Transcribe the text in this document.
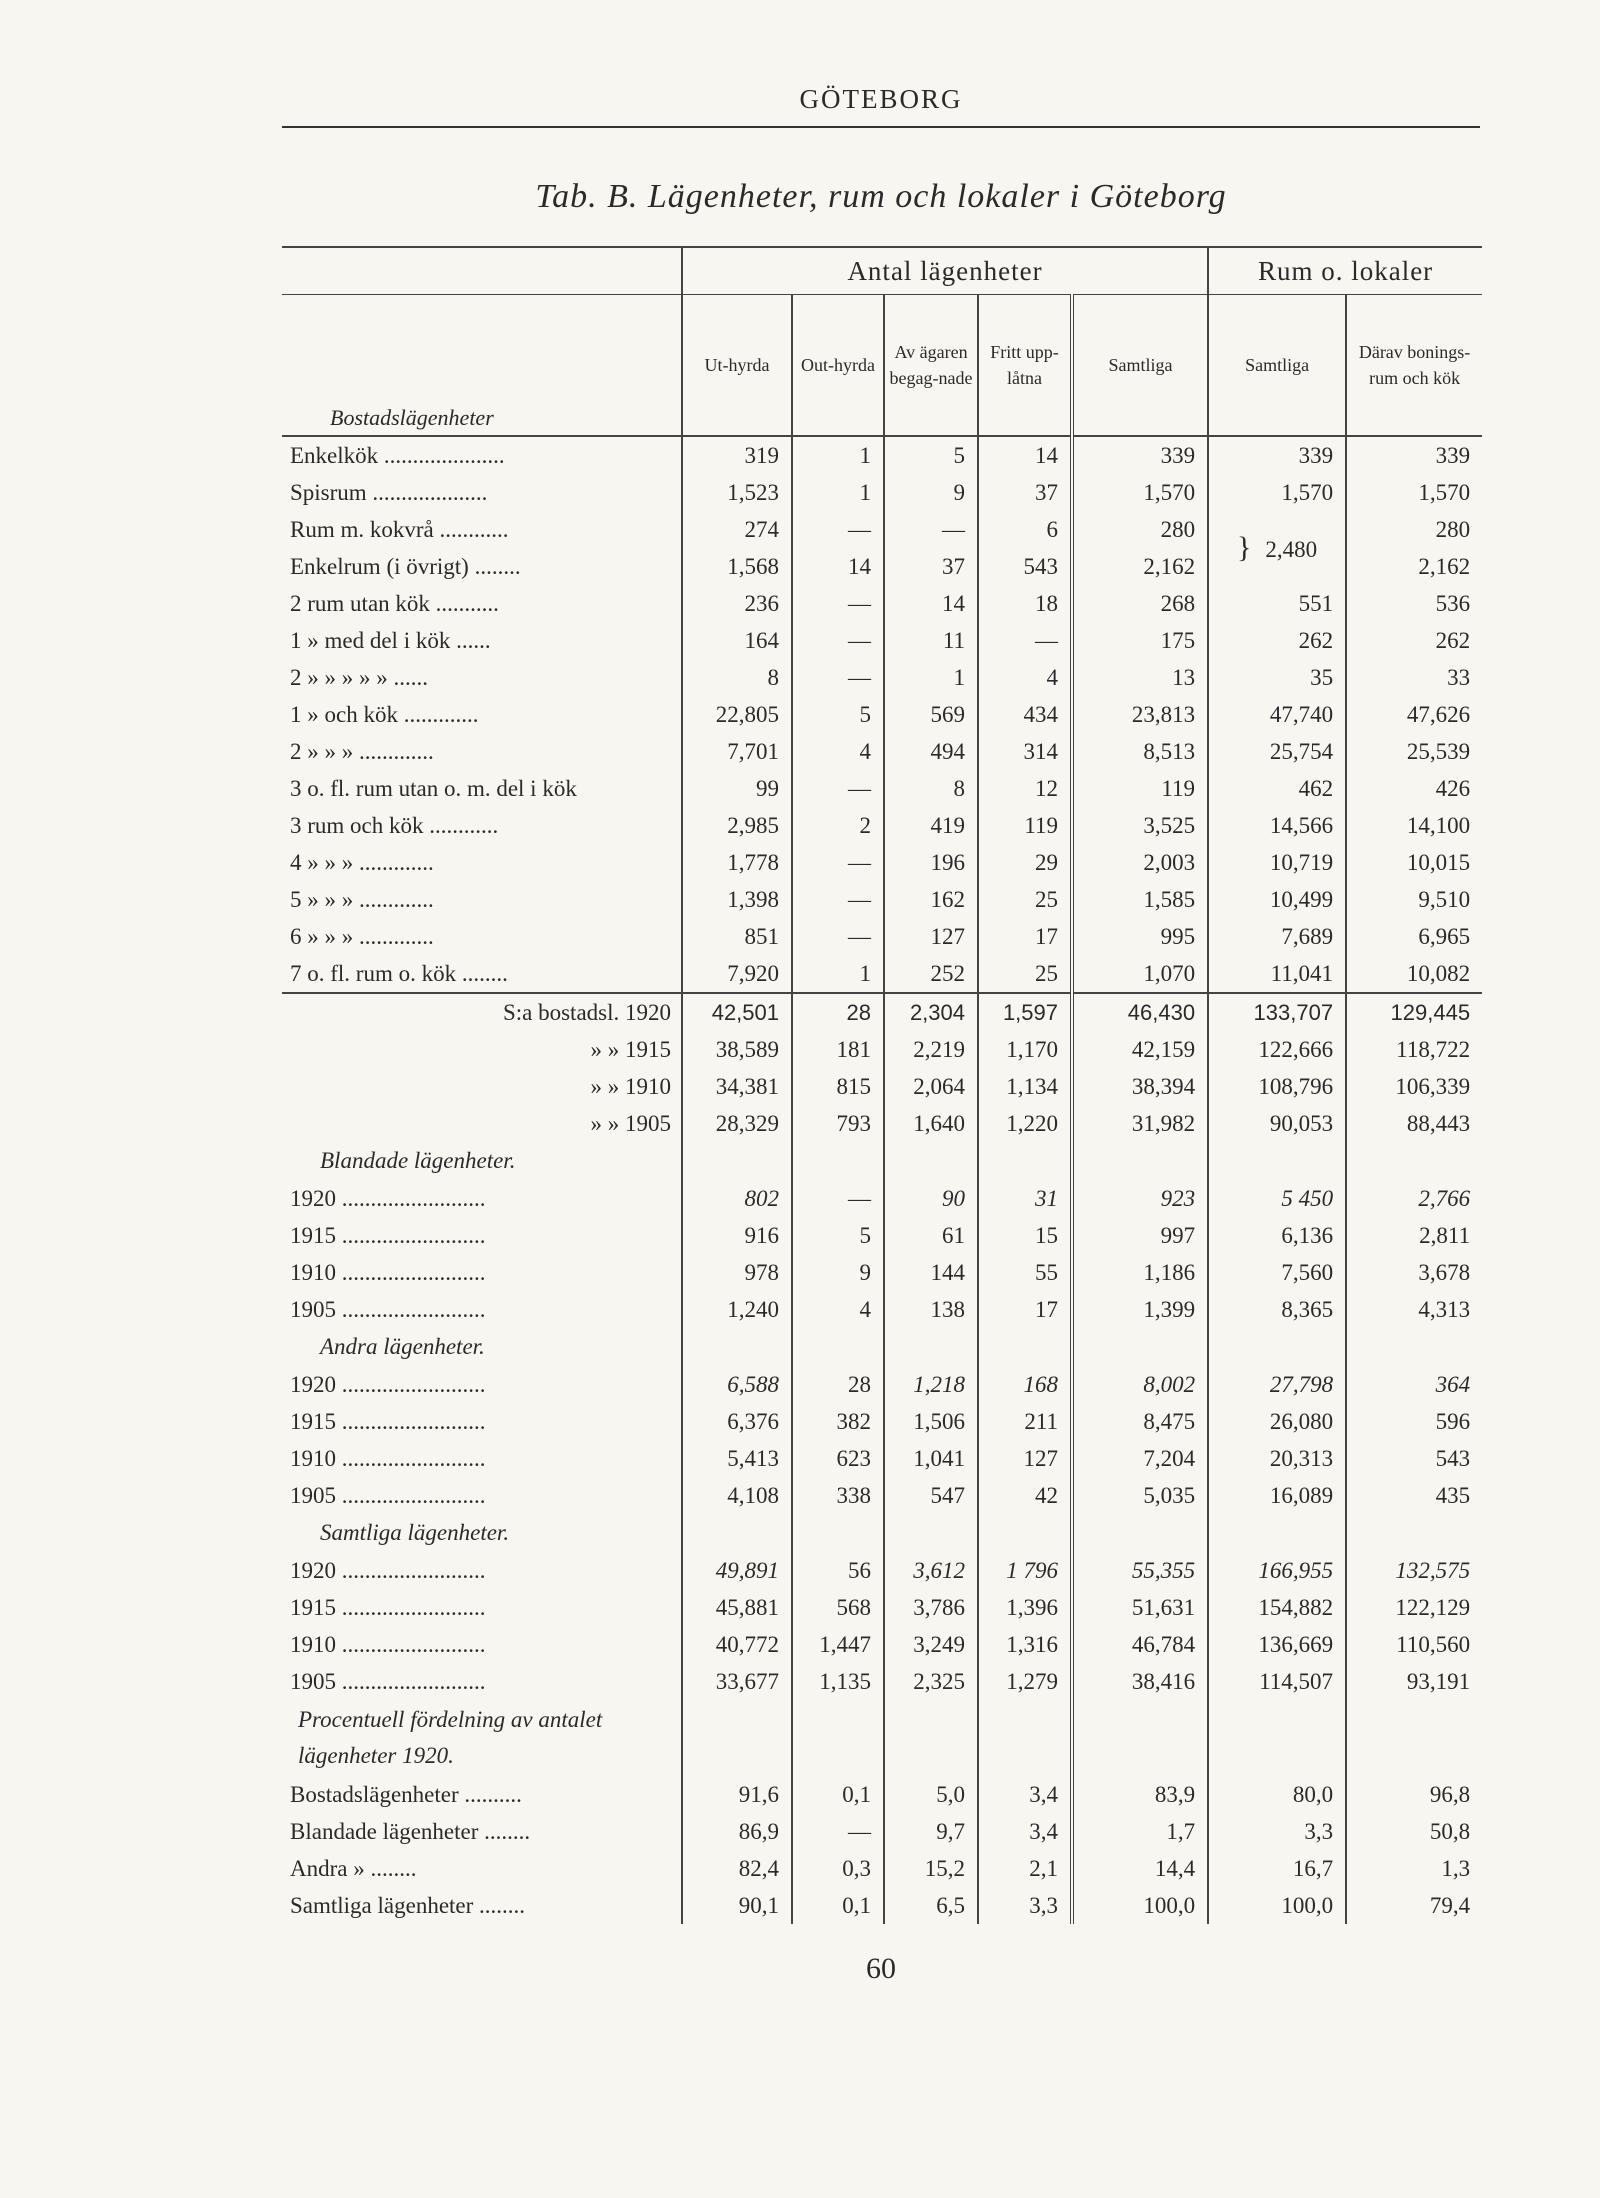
GÖTEBORG
Tab. B. Lägenheter, rum och lokaler i Göteborg
	Antal lägenheter					Rum o. lokaler	
Bostadslägenheter	Ut-hyrda	Out-hyrda	Av ägaren begag-nade	Fritt upp-låtna	Samtliga	Samtliga	Därav bonings-rum och kök
Enkelkök .....................	319	1	5	14	339	339	339
Spisrum ....................	1,523	1	9	37	1,570	1,570	1,570
Rum m. kokvrå ............	274	—	—	6	280	} 2,480	280
Enkelrum (i övrigt) ........	1,568	14	37	543	2,162		2,162
2 rum utan kök ...........	236	—	14	18	268	551	536
1 » med del i kök ......	164	—	11	—	175	262	262
2 » » » » » ......	8	—	1	4	13	35	33
1 » och kök .............	22,805	5	569	434	23,813	47,740	47,626
2 » » » .............	7,701	4	494	314	8,513	25,754	25,539
3 o. fl. rum utan o. m. del i kök	99	—	8	12	119	462	426
3 rum och kök ............	2,985	2	419	119	3,525	14,566	14,100
4 » » » .............	1,778	—	196	29	2,003	10,719	10,015
5 » » » .............	1,398	—	162	25	1,585	10,499	9,510
6 » » » .............	851	—	127	17	995	7,689	6,965
7 o. fl. rum o. kök ........	7,920	1	252	25	1,070	11,041	10,082
S:a bostadsl. 1920	42,501	28	2,304	1,597	46,430	133,707	129,445
» » 1915	38,589	181	2,219	1,170	42,159	122,666	118,722
» » 1910	34,381	815	2,064	1,134	38,394	108,796	106,339
» » 1905	28,329	793	1,640	1,220	31,982	90,053	88,443
Blandade lägenheter.							
1920 .........................	802	—	90	31	923	5 450	2,766
1915 .........................	916	5	61	15	997	6,136	2,811
1910 .........................	978	9	144	55	1,186	7,560	3,678
1905 .........................	1,240	4	138	17	1,399	8,365	4,313
Andra lägenheter.							
1920 .........................	6,588	28	1,218	168	8,002	27,798	364
1915 .........................	6,376	382	1,506	211	8,475	26,080	596
1910 .........................	5,413	623	1,041	127	7,204	20,313	543
1905 .........................	4,108	338	547	42	5,035	16,089	435
Samtliga lägenheter.							
1920 .........................	49,891	56	3,612	1 796	55,355	166,955	132,575
1915 .........................	45,881	568	3,786	1,396	51,631	154,882	122,129
1910 .........................	40,772	1,447	3,249	1,316	46,784	136,669	110,560
1905 .........................	33,677	1,135	2,325	1,279	38,416	114,507	93,191
Procentuell fördelning av antalet lägenheter 1920.							
Bostadslägenheter ..........	91,6	0,1	5,0	3,4	83,9	80,0	96,8
Blandade lägenheter ........	86,9	—	9,7	3,4	1,7	3,3	50,8
Andra » ........	82,4	0,3	15,2	2,1	14,4	16,7	1,3
Samtliga lägenheter ........	90,1	0,1	6,5	3,3	100,0	100,0	79,4
60
